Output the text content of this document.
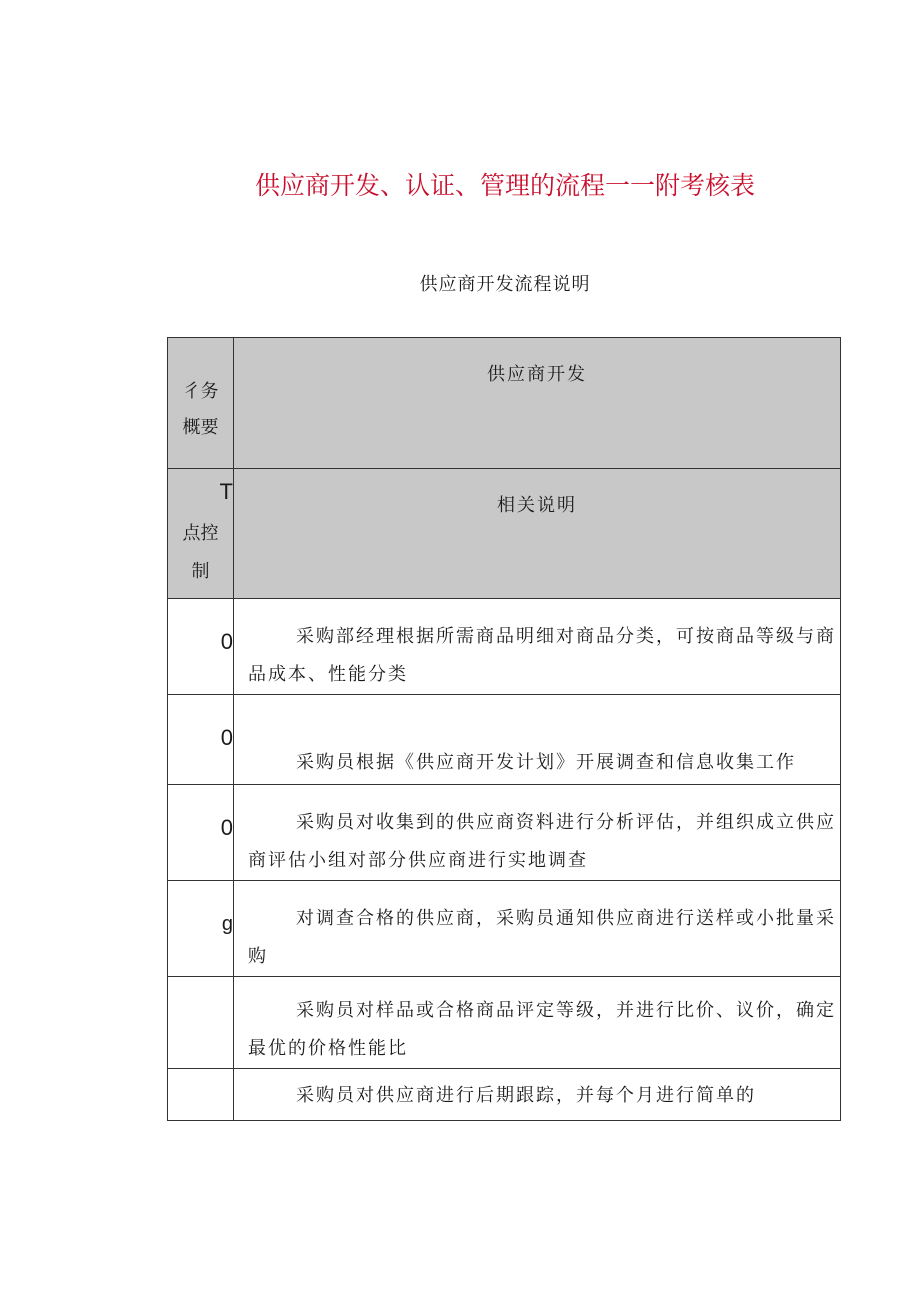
供应商开发、认证、管理的流程一一附考核表
供应商开发流程说明
彳务
概要	供应商开发

T
点控
制	相关说明

0	采购部经理根据所需商品明细对商品分类，可按商品等级与商品成本、性能分类

0	采购员根据《供应商开发计划》开展调查和信息收集工作

0	采购员对收集到的供应商资料进行分析评估，并组织成立供应商评估小组对部分供应商进行实地调查

g	对调查合格的供应商，采购员通知供应商进行送样或小批量采购

	采购员对样品或合格商品评定等级，并进行比价、议价，确定最优的价格性能比

	采购员对供应商进行后期跟踪，并每个月进行简单的
